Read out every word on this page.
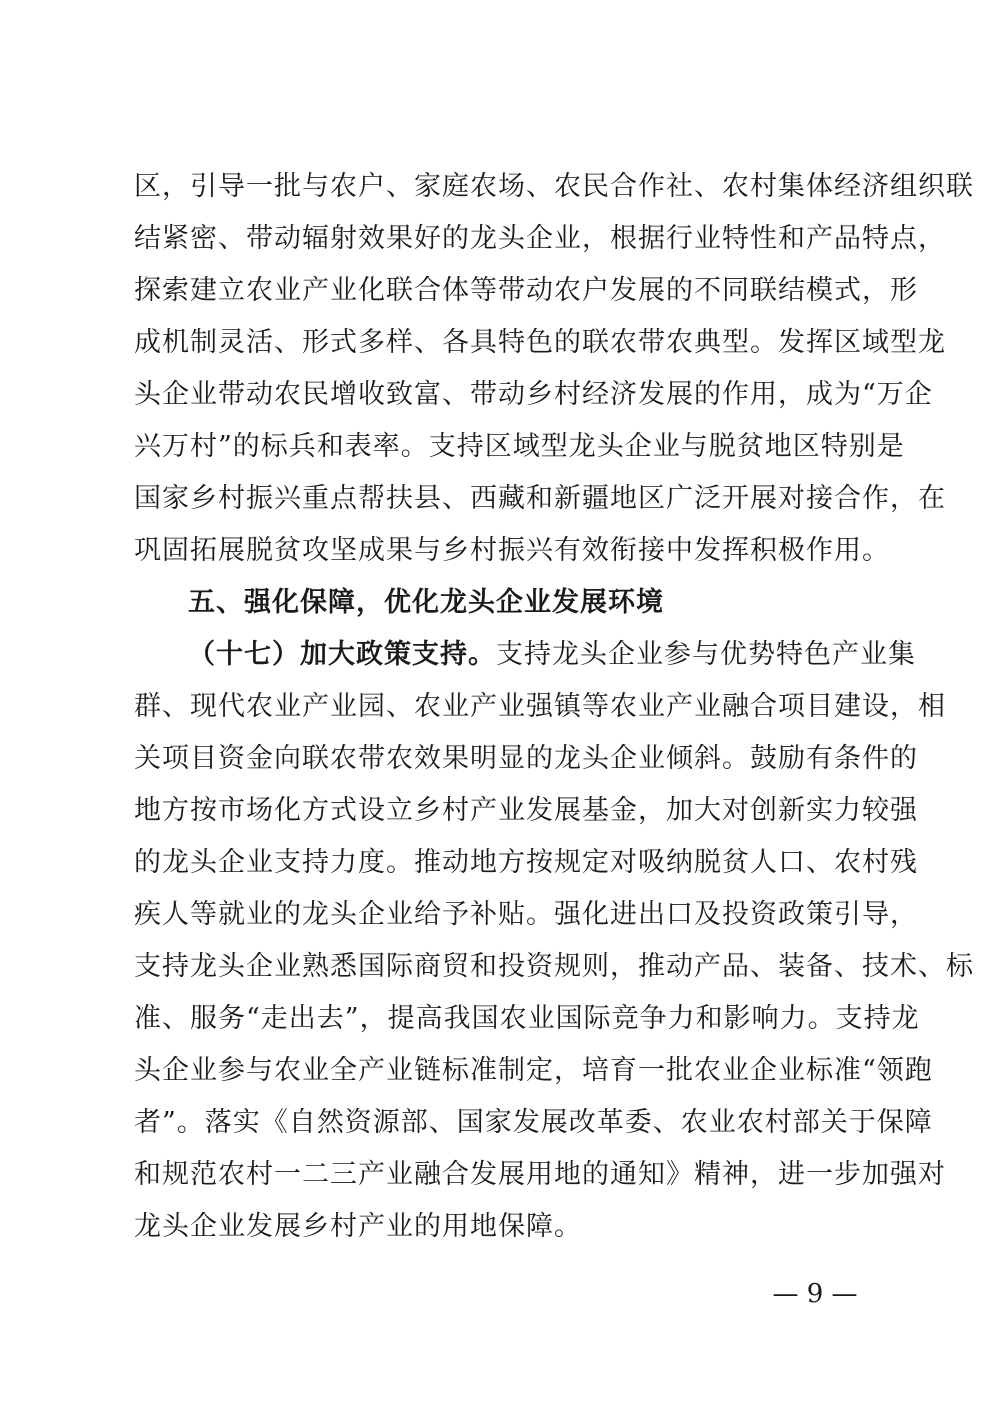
区，引导一批与农户、家庭农场、农民合作社、农村集体经济组织联
结紧密、带动辐射效果好的龙头企业，根据行业特性和产品特点，
探索建立农业产业化联合体等带动农户发展的不同联结模式，形
成机制灵活、形式多样、各具特色的联农带农典型。发挥区域型龙
头企业带动农民增收致富、带动乡村经济发展的作用，成为“万企
兴万村”的标兵和表率。支持区域型龙头企业与脱贫地区特别是
国家乡村振兴重点帮扶县、西藏和新疆地区广泛开展对接合作，在
巩固拓展脱贫攻坚成果与乡村振兴有效衔接中发挥积极作用。
五、强化保障，优化龙头企业发展环境
（十七）加大政策支持。支持龙头企业参与优势特色产业集
群、现代农业产业园、农业产业强镇等农业产业融合项目建设，相
关项目资金向联农带农效果明显的龙头企业倾斜。鼓励有条件的
地方按市场化方式设立乡村产业发展基金，加大对创新实力较强
的龙头企业支持力度。推动地方按规定对吸纳脱贫人口、农村残
疾人等就业的龙头企业给予补贴。强化进出口及投资政策引导，
支持龙头企业熟悉国际商贸和投资规则，推动产品、装备、技术、标
准、服务“走出去”，提高我国农业国际竞争力和影响力。支持龙
头企业参与农业全产业链标准制定，培育一批农业企业标准“领跑
者”。落实《自然资源部、国家发展改革委、农业农村部关于保障
和规范农村一二三产业融合发展用地的通知》精神，进一步加强对
龙头企业发展乡村产业的用地保障。
— 9 —
